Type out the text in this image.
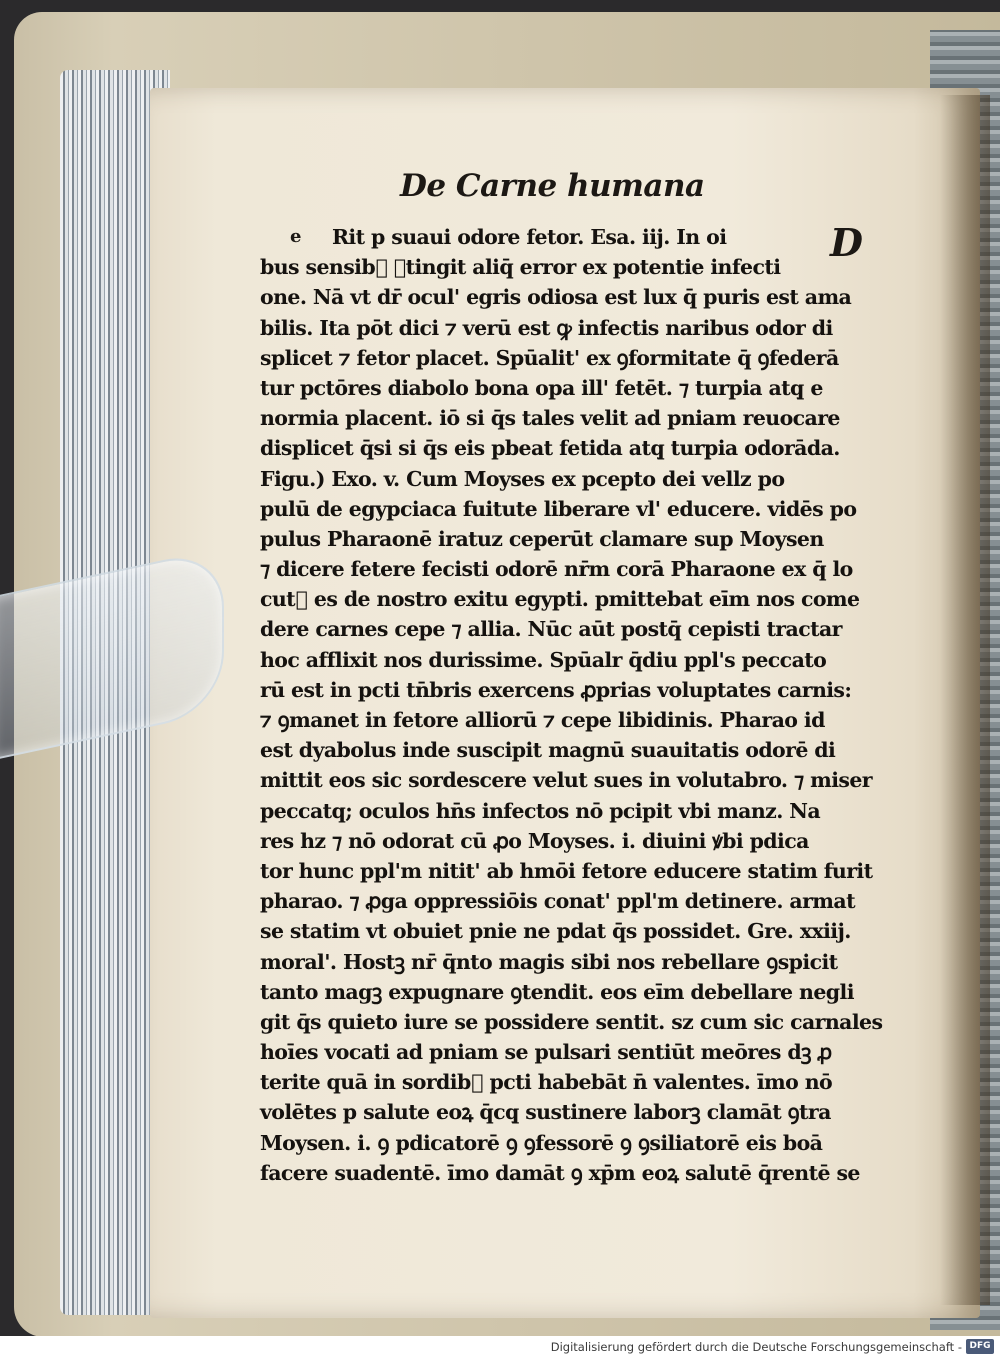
De Carne humana
e	D
Rit p suaui odore fetor. Esa. iij. In oi
bus sensib᷒ ꝯtingit aliq̄ error ex potentie infecti
one. Nā vt dr̄ ocul' egris odiosa est lux q̄ puris est ama
bilis. Ita pōt dici ⁊ verū est ꝙ infectis naribus odor di
splicet ⁊ fetor placet. Spūalit' ex ꝯformitate q̄ ꝯfederā
tur pctōres diabolo bona opa ill' fetēt. ⁊ turpia atq̧ e
normia placent. iō si q̄s tales velit ad pniam reuocare
displicet q̄si si q̄s eis pbeat fetida atq̧ turpia odorāda.
Figu.) Exo. v. Cum Moyses ex pcepto dei vellz po
pulū de egypciaca fuitute liberare vl' educere. vidēs po
pulus Pharaonē iratuz ceperūt clamare sup Moysen
⁊ dicere fetere fecisti odorē nr̄m corā Pharaone ex q̄ lo
cut᷒ es de nostro exitu egypti. pmittebat eīm nos come
dere carnes cepe ⁊ allia. Nūc aūt postq̄ cepisti tractar
hoc afflixit nos durissime. Spūalr q̄diu ppl's peccato
rū est in pcti tn̄bris exercens ꝓprias voluptates carnis:
⁊ ꝯmanet in fetore alliorū ⁊ cepe libidinis. Pharao id
est dyabolus inde suscipit magnū suauitatis odorē di
mittit eos sic sordescere velut sues in volutabro. ⁊ miser
peccatq; oculos hn̄s infectos nō pcipit vbi manz. Na
res hz ⁊ nō odorat cū ꝓo Moyses. i. diuini ꝟbi pdica
tor hunc ppl'm nitit' ab hmōi fetore educere statim furit
pharao. ⁊ ꝓga oppressiōis conat' ppl'm detinere. armat
se statim vt obuiet pnie ne pdat q̄s possidet. Gre. xxiij.
moral'. Hostꝫ nr̄ q̄nto magis sibi nos rebellare ꝯspicit
tanto magꝫ expugnare ꝯtendit. eos eīm debellare negli
git q̄s quieto iure se possidere sentit. sz cum sic carnales
hoīes vocati ad pniam se pulsari sentiūt meōres dꝫ ꝓ
terite quā in sordib᷒ pcti habebāt n̄ valentes. īmo nō
volētes p salute eoꝝ q̄cq̧ sustinere laborꝫ clamāt ꝯtra
Moysen. i. ꝯ pdicatorē ꝯ ꝯfessorē ꝯ ꝯsiliatorē eis boā
facere suadentē. īmo damāt ꝯ xp̄m eoꝝ salutē q̄rentē se
Digitalisierung gefördert durch die Deutsche Forschungsgemeinschaft - DFG
